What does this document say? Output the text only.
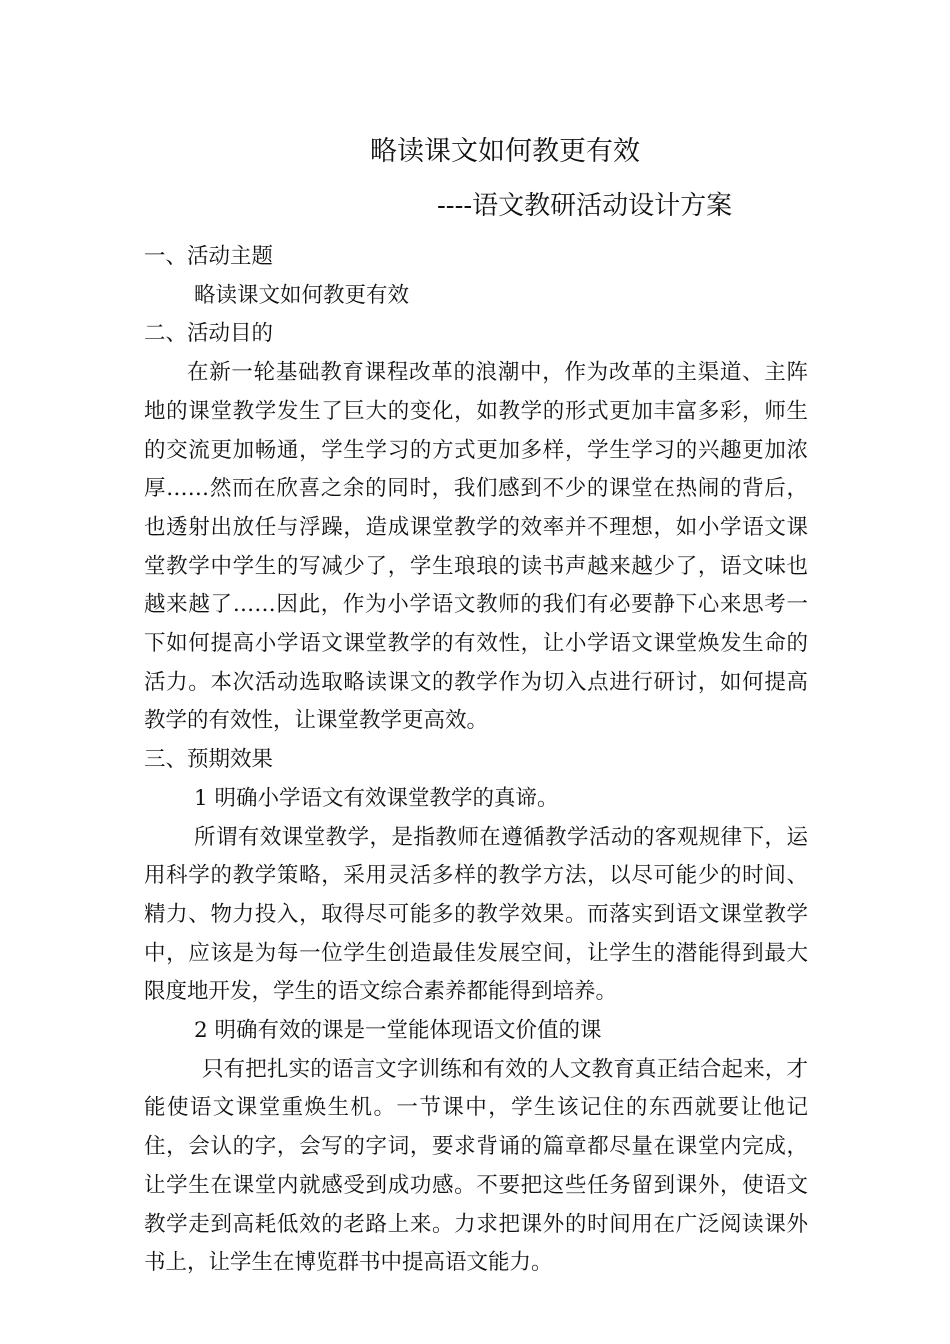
略读课文如何教更有效
----语文教研活动设计方案

一、活动主题

略读课文如何教更有效

二、活动目的

在新一轮基础教育课程改革的浪潮中，作为改革的主渠道、主阵地的课堂教学发生了巨大的变化，如教学的形式更加丰富多彩，师生的交流更加畅通，学生学习的方式更加多样，学生学习的兴趣更加浓厚……然而在欣喜之余的同时，我们感到不少的课堂在热闹的背后，也透射出放任与浮躁，造成课堂教学的效率并不理想，如小学语文课堂教学中学生的写减少了，学生琅琅的读书声越来越少了，语文味也越来越了……因此，作为小学语文教师的我们有必要静下心来思考一下如何提高小学语文课堂教学的有效性，让小学语文课堂焕发生命的活力。本次活动选取略读课文的教学作为切入点进行研讨，如何提高教学的有效性，让课堂教学更高效。

三、预期效果

1 明确小学语文有效课堂教学的真谛。

所谓有效课堂教学，是指教师在遵循教学活动的客观规律下，运用科学的教学策略，采用灵活多样的教学方法，以尽可能少的时间、精力、物力投入，取得尽可能多的教学效果。而落实到语文课堂教学中，应该是为每一位学生创造最佳发展空间，让学生的潜能得到最大限度地开发，学生的语文综合素养都能得到培养。

2 明确有效的课是一堂能体现语文价值的课

只有把扎实的语言文字训练和有效的人文教育真正结合起来，才能使语文课堂重焕生机。一节课中，学生该记住的东西就要让他记住，会认的字，会写的字词，要求背诵的篇章都尽量在课堂内完成，让学生在课堂内就感受到成功感。不要把这些任务留到课外，使语文教学走到高耗低效的老路上来。力求把课外的时间用在广泛阅读课外书上，让学生在博览群书中提高语文能力。
